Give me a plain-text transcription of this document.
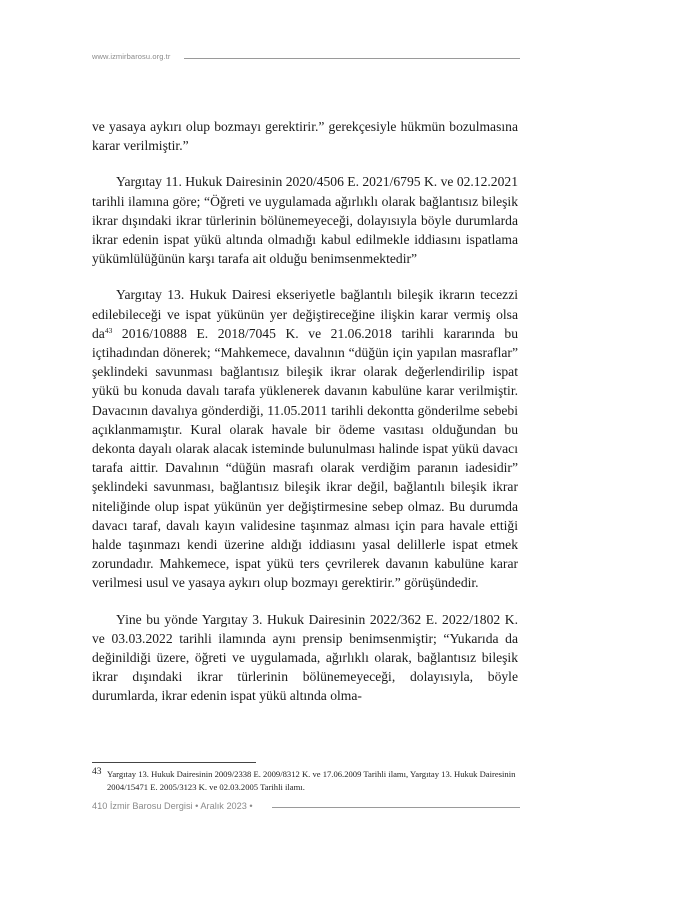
www.izmirbarosu.org.tr

ve yasaya aykırı olup bozmayı gerektirir.” gerekçesiyle hükmün bozulmasına karar verilmiştir.”

Yargıtay 11. Hukuk Dairesinin 2020/4506 E. 2021/6795 K. ve 02.12.2021 tarihli ilamına göre; “Öğreti ve uygulamada ağırlıklı olarak bağlantısız bileşik ikrar dışındaki ikrar türlerinin bölünemeyeceği, dolayısıyla böyle durumlarda ikrar edenin ispat yükü altında olmadığı kabul edilmekle iddiasını ispatlama yükümlülüğünün karşı tarafa ait olduğu benimsenmektedir”

Yargıtay 13. Hukuk Dairesi ekseriyetle bağlantılı bileşik ikrarın tecezzi edilebileceği ve ispat yükünün yer değiştireceğine ilişkin karar vermiş olsa $da^{43}$ 2016/10888 E. 2018/7045 K. ve 21.06.2018 tarihli kararında bu içtihadından dönerek; “Mahkemece, davalının “düğün için yapılan masraflar” şeklindeki savunması bağlantısız bileşik ikrar olarak değerlendirilip ispat yükü bu konuda davalı tarafa yüklenerek davanın kabulüne karar verilmiştir. Davacının davalıya gönderdiği, 11.05.2011 tarihli dekontta gönderilme sebebi açıklanmamıştır. Kural olarak havale bir ödeme vasıtası olduğundan bu dekonta dayalı olarak alacak isteminde bulunulması halinde ispat yükü davacı tarafa aittir. Davalının “düğün masrafı olarak verdiğim paranın iadesidir” şeklindeki savunması, bağlantısız bileşik ikrar değil, bağlantılı bileşik ikrar niteliğinde olup ispat yükünün yer değiştirmesine sebep olmaz. Bu durumda davacı taraf, davalı kayın validesine taşınmaz alması için para havale ettiği halde taşınmazı kendi üzerine aldığı iddiasını yasal delillerle ispat etmek zorundadır. Mahkemece, ispat yükü ters çevrilerek davanın kabulüne karar verilmesi usul ve yasaya aykırı olup bozmayı gerektirir.” görüşündedir.

Yine bu yönde Yargıtay 3. Hukuk Dairesinin 2022/362 E. 2022/1802 K. ve 03.03.2022 tarihli ilamında aynı prensip benimsenmiştir; “Yukarıda da değinildiği üzere, öğreti ve uygulamada, ağırlıklı olarak, bağlantısız bileşik ikrar dışındaki ikrar türlerinin bölünemeyeceği, dolayısıyla, böyle durumlarda, ikrar edenin ispat yükü altında olma-

43 Yargıtay 13. Hukuk Dairesinin 2009/2338 E. 2009/8312 K. ve 17.06.2009 Tarihli ilamı, Yargıtay 13. Hukuk Dairesinin 2004/15471 E. 2005/3123 K. ve 02.03.2005 Tarihli ilamı.
410 İzmir Barosu Dergisi • Aralık 2023 •
